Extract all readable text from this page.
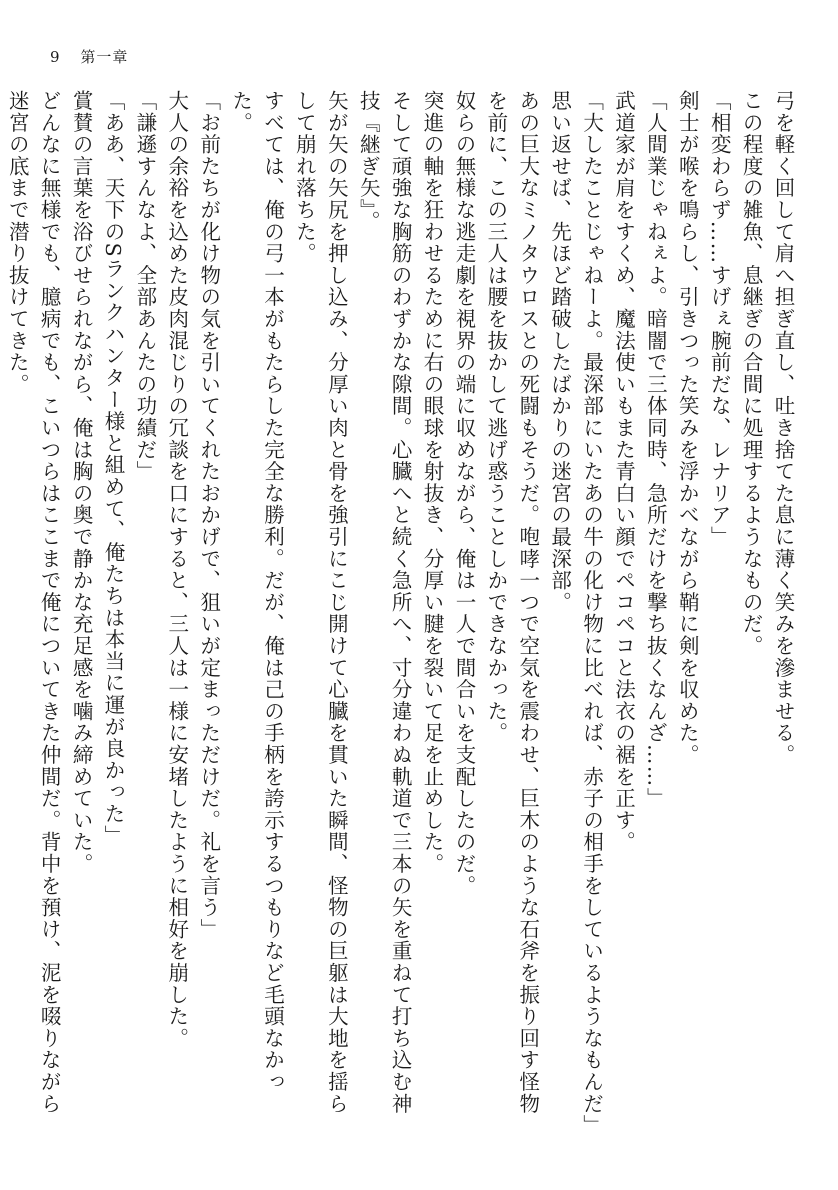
9 第一章

弓を軽く回して肩へ担ぎ直し、吐き捨てた息に薄く笑みを滲ませる。

この程度の雑魚、息継ぎの合間に処理するようなものだ。

「相変わらず……すげぇ腕前だな、レナリア」

剣士が喉を鳴らし、引きつった笑みを浮かべながら鞘に剣を収めた。

「人間業じゃねぇよ。暗闇で三体同時、急所だけを撃ち抜くなんざ……」

武道家が肩をすくめ、魔法使いもまた青白い顔でペコペコと法衣の裾を正す。

「大したことじゃねーよ。最深部にいたあの牛の化け物に比べれば、赤子の相手をしているようなもんだ」

思い返せば、先ほど踏破したばかりの迷宮の最深部。

あの巨大なミノタウロスとの死闘もそうだ。咆哮一つで空気を震わせ、巨木のような石斧を振り回す怪物を前に、この三人は腰を抜かして逃げ惑うことしかできなかった。

奴らの無様な逃走劇を視界の端に収めながら、俺は一人で間合いを支配したのだ。

突進の軸を狂わせるために右の眼球を射抜き、分厚い腱を裂いて足を止めした。

そして頑強な胸筋のわずかな隙間。心臓へと続く急所へ、寸分違わぬ軌道で三本の矢を重ねて打ち込む神技『継ぎ矢』。

矢が矢の矢尻を押し込み、分厚い肉と骨を強引にこじ開けて心臓を貫いた瞬間、怪物の巨躯は大地を揺らして崩れ落ちた。

すべては、俺の弓一本がもたらした完全な勝利。だが、俺は己の手柄を誇示するつもりなど毛頭なかった。

「お前たちが化け物の気を引いてくれたおかげで、狙いが定まっただけだ。礼を言う」

大人の余裕を込めた皮肉混じりの冗談を口にすると、三人は一様に安堵したように相好を崩した。

「謙遜すんなよ、全部あんたの功績だ」

「ああ、天下のSランクハンター様と組めて、俺たちは本当に運が良かった」

賞賛の言葉を浴びせられながら、俺は胸の奥で静かな充足感を噛み締めていた。

どんなに無様でも、臆病でも、こいつらはここまで俺についてきた仲間だ。背中を預け、泥を啜りながら迷宮の底まで潜り抜けてきた。
